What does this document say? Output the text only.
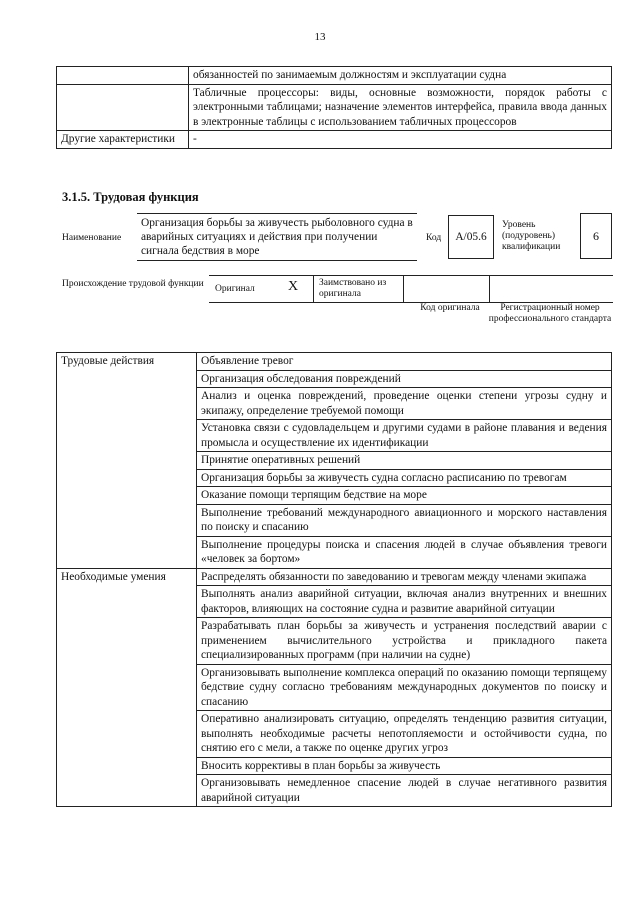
13
	обязанностей по занимаемым должностям и эксплуатации судна
	Табличные процессоры: виды, основные возможности, порядок работы с электронными таблицами; назначение элементов интерфейса, правила ввода данных в электронные таблицы с использованием табличных процессоров
Другие характеристики	-
3.1.5. Трудовая функция
Наименование
Организация борьбы за живучесть рыболовного судна в аварийных ситуациях и действия при получении сигнала бедствия в море
Код	A/05.6
Уровень (подуровень) квалификации
6
Происхождение трудовой функции	Оригинал X Заимствовано из оригинала
Код оригинала	Регистрационный номер профессионального стандарта
Трудовые действия	Объявление тревог
	Организация обследования повреждений
	Анализ и оценка повреждений, проведение оценки степени угрозы судну и экипажу, определение требуемой помощи
	Установка связи с судовладельцем и другими судами в районе плавания и ведения промысла и осуществление их идентификации
	Принятие оперативных решений
	Организация борьбы за живучесть судна согласно расписанию по тревогам
	Оказание помощи терпящим бедствие на море
	Выполнение требований международного авиационного и морского наставления по поиску и спасанию
	Выполнение процедуры поиска и спасения людей в случае объявления тревоги «человек за бортом»
Необходимые умения	Распределять обязанности по заведованию и тревогам между членами экипажа
	Выполнять анализ аварийной ситуации, включая анализ внутренних и внешних факторов, влияющих на состояние судна и развитие аварийной ситуации
	Разрабатывать план борьбы за живучесть и устранения последствий аварии с применением вычислительного устройства и прикладного пакета специализированных программ (при наличии на судне)
	Организовывать выполнение комплекса операций по оказанию помощи терпящему бедствие судну согласно требованиям международных документов по поиску и спасанию
	Оперативно анализировать ситуацию, определять тенденцию развития ситуации, выполнять необходимые расчеты непотопляемости и остойчивости судна, по снятию его с мели, а также по оценке других угроз
	Вносить коррективы в план борьбы за живучесть
	Организовывать немедленное спасение людей в случае негативного развития аварийной ситуации
